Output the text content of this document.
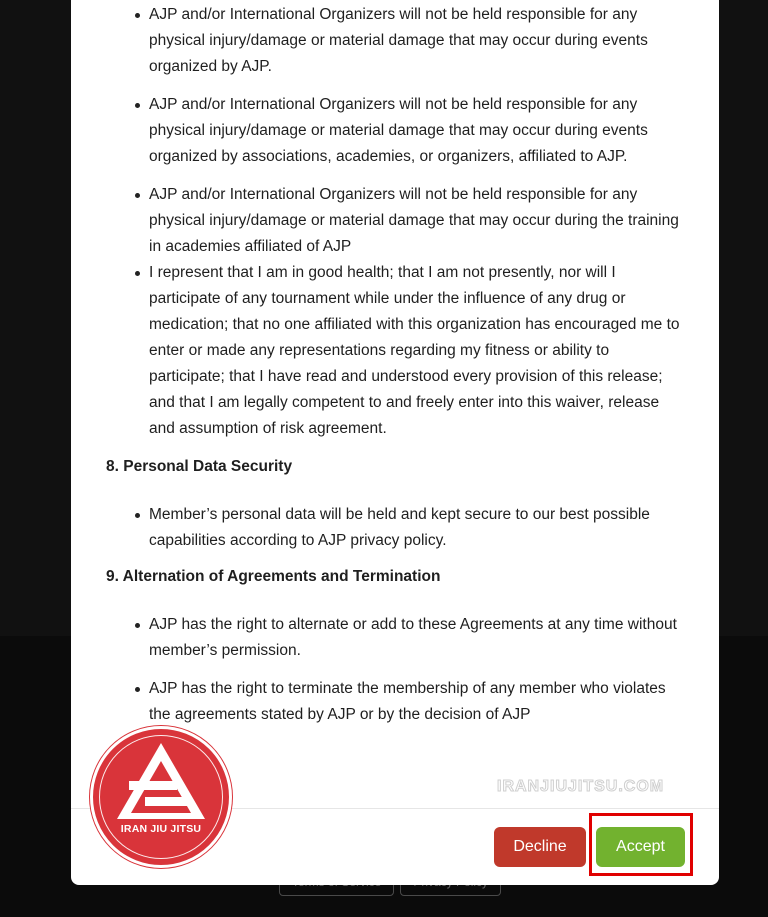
AJP and/or International Organizers will not be held responsible for any physical injury/damage or material damage that may occur during events organized by AJP.
AJP and/or International Organizers will not be held responsible for any physical injury/damage or material damage that may occur during events organized by associations, academies, or organizers, affiliated to AJP.
AJP and/or International Organizers will not be held responsible for any physical injury/damage or material damage that may occur during the training in academies affiliated of AJP
I represent that I am in good health; that I am not presently, nor will I participate of any tournament while under the influence of any drug or medication; that no one affiliated with this organization has encouraged me to enter or made any representations regarding my fitness or ability to participate; that I have read and understood every provision of this release; and that I am legally competent to and freely enter into this waiver, release and assumption of risk agreement.
8. Personal Data Security
Member’s personal data will be held and kept secure to our best possible capabilities according to AJP privacy policy.
9. Alternation of Agreements and Termination
AJP has the right to alternate or add to these Agreements at any time without member’s permission.
AJP has the right to terminate the membership of any member who violates the agreements stated by AJP or by the decision of AJP
Decline	Accept
IRANJIUJITSU.COM
IRAN JIU JITSU
